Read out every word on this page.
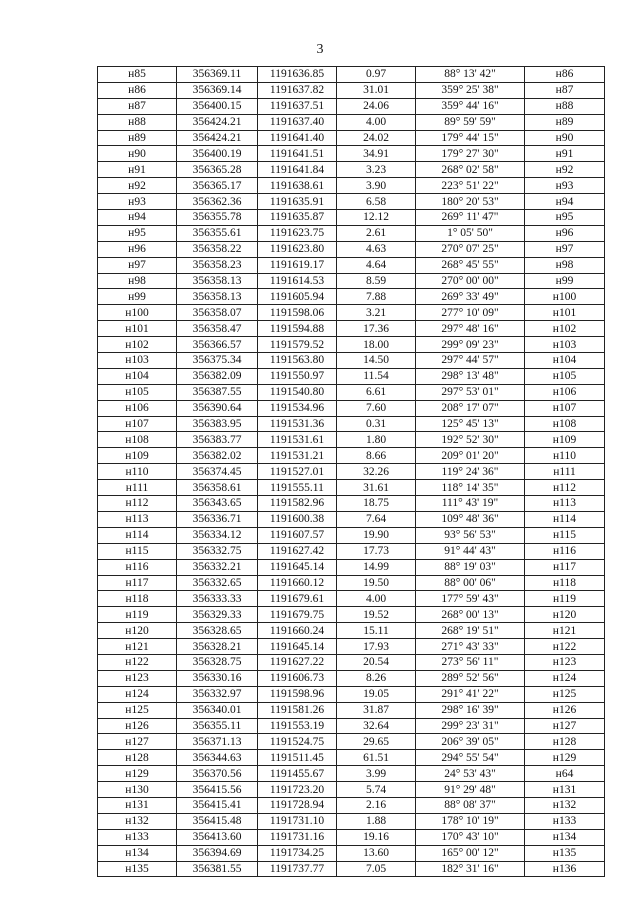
3
н85	356369.11	1191636.85	0.97	88° 13' 42"	н86
н86	356369.14	1191637.82	31.01	359° 25' 38"	н87
н87	356400.15	1191637.51	24.06	359° 44' 16"	н88
н88	356424.21	1191637.40	4.00	89° 59' 59"	н89
н89	356424.21	1191641.40	24.02	179° 44' 15"	н90
н90	356400.19	1191641.51	34.91	179° 27' 30"	н91
н91	356365.28	1191641.84	3.23	268° 02' 58"	н92
н92	356365.17	1191638.61	3.90	223° 51' 22"	н93
н93	356362.36	1191635.91	6.58	180° 20' 53"	н94
н94	356355.78	1191635.87	12.12	269° 11' 47"	н95
н95	356355.61	1191623.75	2.61	1° 05' 50"	н96
н96	356358.22	1191623.80	4.63	270° 07' 25"	н97
н97	356358.23	1191619.17	4.64	268° 45' 55"	н98
н98	356358.13	1191614.53	8.59	270° 00' 00"	н99
н99	356358.13	1191605.94	7.88	269° 33' 49"	н100
н100	356358.07	1191598.06	3.21	277° 10' 09"	н101
н101	356358.47	1191594.88	17.36	297° 48' 16"	н102
н102	356366.57	1191579.52	18.00	299° 09' 23"	н103
н103	356375.34	1191563.80	14.50	297° 44' 57"	н104
н104	356382.09	1191550.97	11.54	298° 13' 48"	н105
н105	356387.55	1191540.80	6.61	297° 53' 01"	н106
н106	356390.64	1191534.96	7.60	208° 17' 07"	н107
н107	356383.95	1191531.36	0.31	125° 45' 13"	н108
н108	356383.77	1191531.61	1.80	192° 52' 30"	н109
н109	356382.02	1191531.21	8.66	209° 01' 20"	н110
н110	356374.45	1191527.01	32.26	119° 24' 36"	н111
н111	356358.61	1191555.11	31.61	118° 14' 35"	н112
н112	356343.65	1191582.96	18.75	111° 43' 19"	н113
н113	356336.71	1191600.38	7.64	109° 48' 36"	н114
н114	356334.12	1191607.57	19.90	93° 56' 53"	н115
н115	356332.75	1191627.42	17.73	91° 44' 43"	н116
н116	356332.21	1191645.14	14.99	88° 19' 03"	н117
н117	356332.65	1191660.12	19.50	88° 00' 06"	н118
н118	356333.33	1191679.61	4.00	177° 59' 43"	н119
н119	356329.33	1191679.75	19.52	268° 00' 13"	н120
н120	356328.65	1191660.24	15.11	268° 19' 51"	н121
н121	356328.21	1191645.14	17.93	271° 43' 33"	н122
н122	356328.75	1191627.22	20.54	273° 56' 11"	н123
н123	356330.16	1191606.73	8.26	289° 52' 56"	н124
н124	356332.97	1191598.96	19.05	291° 41' 22"	н125
н125	356340.01	1191581.26	31.87	298° 16' 39"	н126
н126	356355.11	1191553.19	32.64	299° 23' 31"	н127
н127	356371.13	1191524.75	29.65	206° 39' 05"	н128
н128	356344.63	1191511.45	61.51	294° 55' 54"	н129
н129	356370.56	1191455.67	3.99	24° 53' 43"	н64
н130	356415.56	1191723.20	5.74	91° 29' 48"	н131
н131	356415.41	1191728.94	2.16	88° 08' 37"	н132
н132	356415.48	1191731.10	1.88	178° 10' 19"	н133
н133	356413.60	1191731.16	19.16	170° 43' 10"	н134
н134	356394.69	1191734.25	13.60	165° 00' 12"	н135
н135	356381.55	1191737.77	7.05	182° 31' 16"	н136
